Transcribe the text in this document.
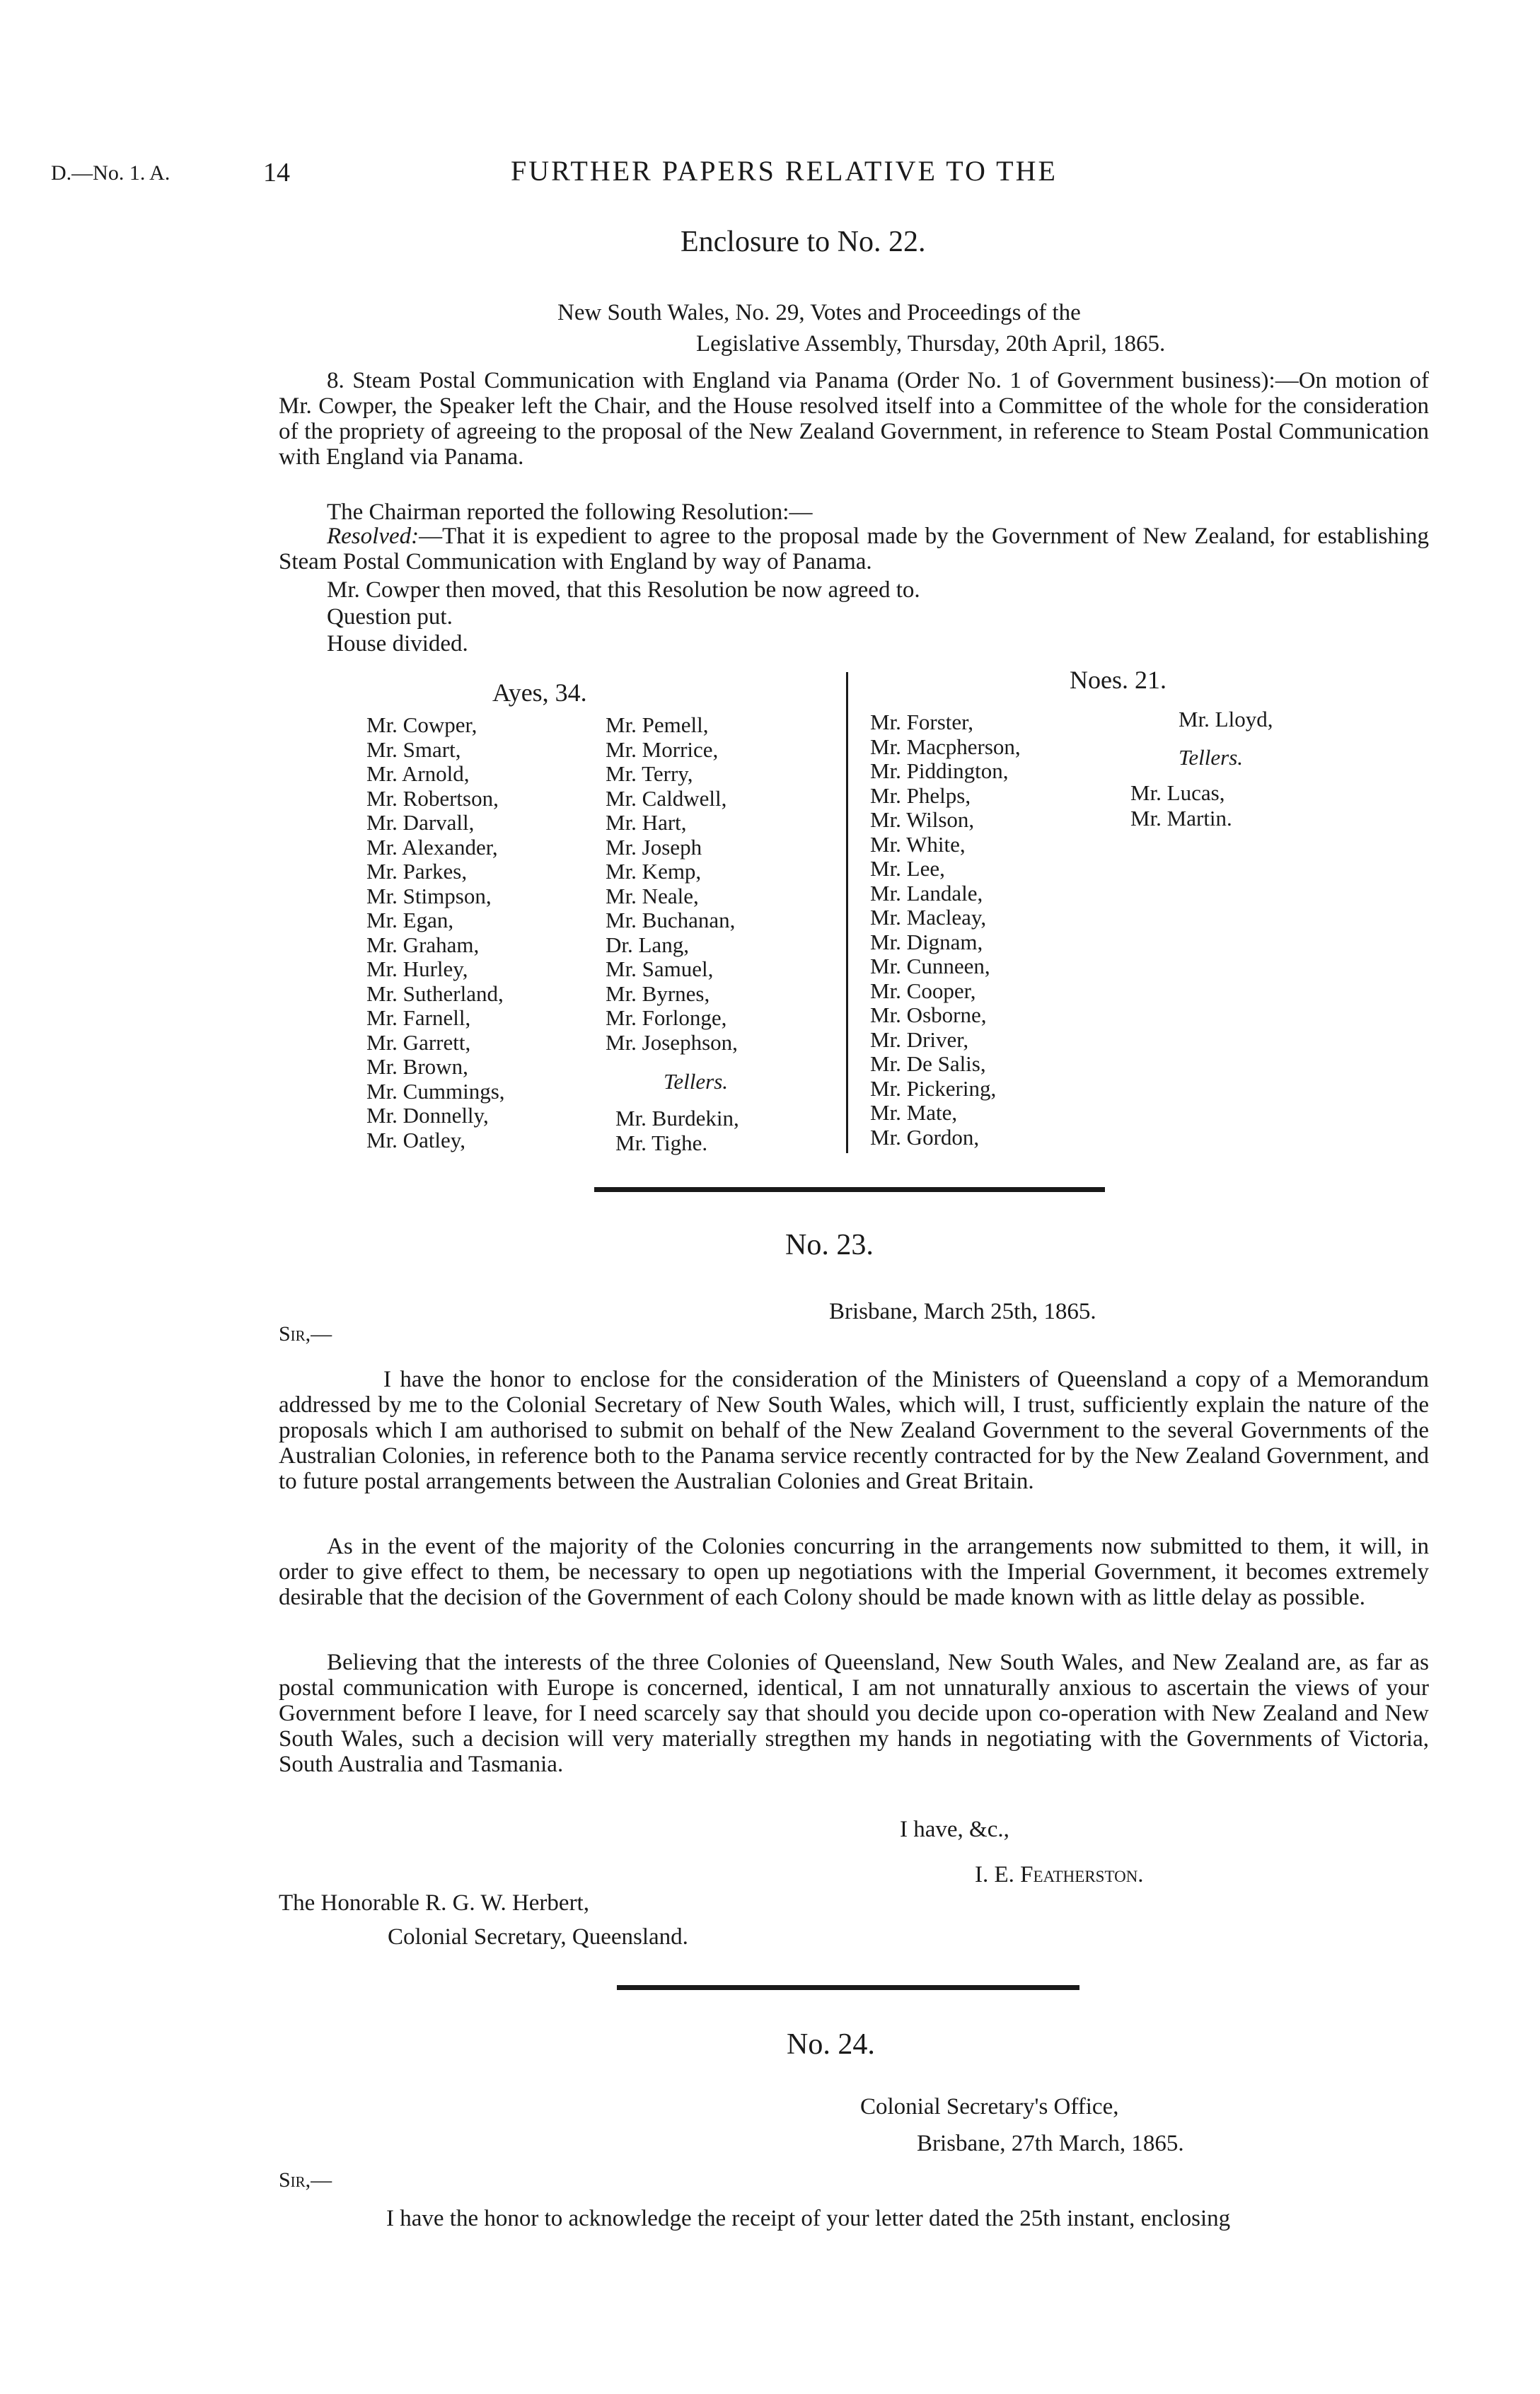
D.—No. 1. A.	14	FURTHER PAPERS RELATIVE TO THE
Enclosure to No. 22.
New South Wales, No. 29, Votes and Proceedings of the
Legislative Assembly, Thursday, 20th April, 1865.
8. Steam Postal Communication with England via Panama (Order No. 1 of Government business):—On motion of Mr. Cowper, the Speaker left the Chair, and the House resolved itself into a Committee of the whole for the consideration of the propriety of agreeing to the proposal of the New Zealand Government, in reference to Steam Postal Communication with England via Panama.
The Chairman reported the following Resolution:—
Resolved:—That it is expedient to agree to the proposal made by the Government of New Zealand, for establishing Steam Postal Communication with England by way of Panama.
Mr. Cowper then moved, that this Resolution be now agreed to.
Question put.
House divided.
Ayes, 34.	Noes. 21.
Mr. Cowper,
Mr. Smart,
Mr. Arnold,
Mr. Robertson,
Mr. Darvall,
Mr. Alexander,
Mr. Parkes,
Mr. Stimpson,
Mr. Egan,
Mr. Graham,
Mr. Hurley,
Mr. Sutherland,
Mr. Farnell,
Mr. Garrett,
Mr. Brown,
Mr. Cummings,
Mr. Donnelly,
Mr. Oatley,
Mr. Pemell,
Mr. Morrice,
Mr. Terry,
Mr. Caldwell,
Mr. Hart,
Mr. Joseph
Mr. Kemp,
Mr. Neale,
Mr. Buchanan,
Dr. Lang,
Mr. Samuel,
Mr. Byrnes,
Mr. Forlonge,
Mr. Josephson,
Tellers.
Mr. Burdekin,
Mr. Tighe.
Mr. Forster,
Mr. Macpherson,
Mr. Piddington,
Mr. Phelps,
Mr. Wilson,
Mr. White,
Mr. Lee,
Mr. Landale,
Mr. Macleay,
Mr. Dignam,
Mr. Cunneen,
Mr. Cooper,
Mr. Osborne,
Mr. Driver,
Mr. De Salis,
Mr. Pickering,
Mr. Mate,
Mr. Gordon,
Mr. Lloyd,
Tellers.
Mr. Lucas,
Mr. Martin.
No. 23.
Brisbane, March 25th, 1865.
Sir,—
I have the honor to enclose for the consideration of the Ministers of Queensland a copy of a Memorandum addressed by me to the Colonial Secretary of New South Wales, which will, I trust, sufficiently explain the nature of the proposals which I am authorised to submit on behalf of the New Zealand Government to the several Governments of the Australian Colonies, in reference both to the Panama service recently contracted for by the New Zealand Government, and to future postal arrangements between the Australian Colonies and Great Britain.
As in the event of the majority of the Colonies concurring in the arrangements now submitted to them, it will, in order to give effect to them, be necessary to open up negotiations with the Imperial Government, it becomes extremely desirable that the decision of the Government of each Colony should be made known with as little delay as possible.
Believing that the interests of the three Colonies of Queensland, New South Wales, and New Zealand are, as far as postal communication with Europe is concerned, identical, I am not unnaturally anxious to ascertain the views of your Government before I leave, for I need scarcely say that should you decide upon co-operation with New Zealand and New South Wales, such a decision will very materially stregthen my hands in negotiating with the Governments of Victoria, South Australia and Tasmania.
I have, &c.,
I. E. Featherston.
The Honorable R. G. W. Herbert,
Colonial Secretary, Queensland.
No. 24.
Colonial Secretary's Office,
Brisbane, 27th March, 1865.
Sir,—
I have the honor to acknowledge the receipt of your letter dated the 25th instant, enclosing
